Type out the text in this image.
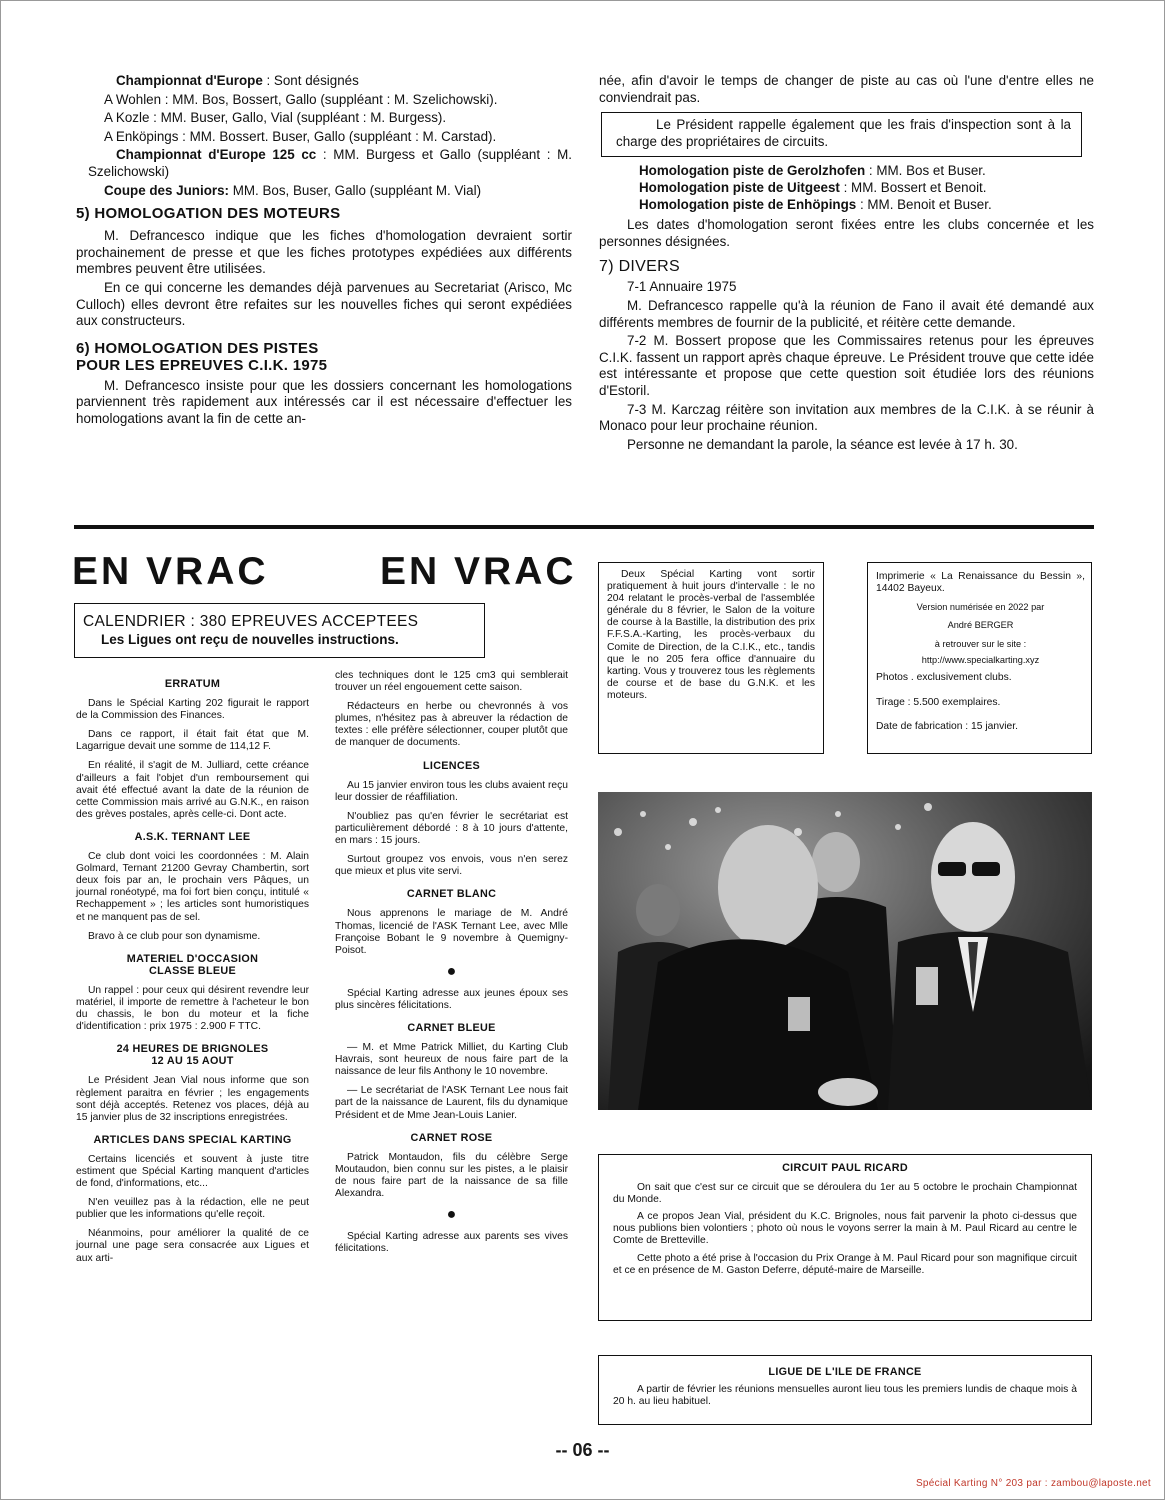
Championnat d'Europe : Sont désignés

A Wohlen : MM. Bos, Bossert, Gallo (suppléant : M. Szelichowski).

A Kozle : MM. Buser, Gallo, Vial (suppléant : M. Burgess).

A Enköpings : MM. Bossert. Buser, Gallo (suppléant : M. Carstad).

Championnat d'Europe 125 cc : MM. Burgess et Gallo (suppléant : M. Szelichowski)

Coupe des Juniors: MM. Bos, Buser, Gallo (suppléant M. Vial)

5) HOMOLOGATION DES MOTEURS

M. Defrancesco indique que les fiches d'homologation devraient sortir prochainement de presse et que les fiches prototypes expédiées aux différents membres peuvent être utilisées.

En ce qui concerne les demandes déjà parvenues au Secretariat (Arisco, Mc Culloch) elles devront être refaites sur les nouvelles fiches qui seront expédiées aux constructeurs.

6) HOMOLOGATION DES PISTES
POUR LES EPREUVES C.I.K. 1975

M. Defrancesco insiste pour que les dossiers concernant les homologations parviennent très rapidement aux intéressés car il est nécessaire d'effectuer les homologations avant la fin de cette an-

née, afin d'avoir le temps de changer de piste au cas où l'une d'entre elles ne conviendrait pas.

Le Président rappelle également que les frais d'inspection sont à la charge des propriétaires de circuits.

Homologation piste de Gerolzhofen : MM. Bos et Buser.
Homologation piste de Uitgeest : MM. Bossert et Benoit.
Homologation piste de Enhöpings : MM. Benoit et Buser.

Les dates d'homologation seront fixées entre les clubs concernée et les personnes désignées.

7) DIVERS

7-1 Annuaire 1975

M. Defrancesco rappelle qu'à la réunion de Fano il avait été demandé aux différents membres de fournir de la publicité, et réitère cette demande.

7-2 M. Bossert propose que les Commissaires retenus pour les épreuves C.I.K. fassent un rapport après chaque épreuve. Le Président trouve que cette idée est intéressante et propose que cette question soit étudiée lors des réunions d'Estoril.

7-3 M. Karczag réitère son invitation aux membres de la C.I.K. à se réunir à Monaco pour leur prochaine réunion.

Personne ne demandant la parole, la séance est levée à 17 h. 30.

EN VRAC	EN VRAC
CALENDRIER : 380 EPREUVES ACCEPTEES
Les Ligues ont reçu de nouvelles instructions.
ERRATUM

Dans le Spécial Karting 202 figurait le rapport de la Commission des Finances.

Dans ce rapport, il était fait état que M. Lagarrigue devait une somme de 114,12 F.

En réalité, il s'agit de M. Julliard, cette créance d'ailleurs a fait l'objet d'un remboursement qui avait été effectué avant la date de la réunion de cette Commission mais arrivé au G.N.K., en raison des grèves postales, après celle-ci. Dont acte.

A.S.K. TERNANT LEE

Ce club dont voici les coordonnées : M. Alain Golmard, Ternant 21200 Gevray Chambertin, sort deux fois par an, le prochain vers Pâques, un journal ronéotypé, ma foi fort bien conçu, intitulé « Rechappement » ; les articles sont humoristiques et ne manquent pas de sel.

Bravo à ce club pour son dynamisme.

MATERIEL D'OCCASION
CLASSE BLEUE

Un rappel : pour ceux qui désirent revendre leur matériel, il importe de remettre à l'acheteur le bon du chassis, le bon du moteur et la fiche d'identification : prix 1975 : 2.900 F TTC.

24 HEURES DE BRIGNOLES
12 AU 15 AOUT

Le Président Jean Vial nous informe que son règlement paraitra en février ; les engagements sont déjà acceptés. Retenez vos places, déjà au 15 janvier plus de 32 inscriptions enregistrées.

ARTICLES DANS SPECIAL KARTING

Certains licenciés et souvent à juste titre estiment que Spécial Karting manquent d'articles de fond, d'informations, etc...

N'en veuillez pas à la rédaction, elle ne peut publier que les informations qu'elle reçoit.

Néanmoins, pour améliorer la qualité de ce journal une page sera consacrée aux Ligues et aux arti-

cles techniques dont le 125 cm3 qui semblerait trouver un réel engouement cette saison.

Rédacteurs en herbe ou chevronnés à vos plumes, n'hésitez pas à abreuver la rédaction de textes : elle préfère sélectionner, couper plutôt que de manquer de documents.

LICENCES

Au 15 janvier environ tous les clubs avaient reçu leur dossier de réaffiliation.

N'oubliez pas qu'en février le secrétariat est particulièrement débordé : 8 à 10 jours d'attente, en mars : 15 jours.

Surtout groupez vos envois, vous n'en serez que mieux et plus vite servi.

CARNET BLANC

Nous apprenons le mariage de M. André Thomas, licencié de l'ASK Ternant Lee, avec Mlle Françoise Bobant le 9 novembre à Quemigny-Poisot.

●

Spécial Karting adresse aux jeunes époux ses plus sincères félicitations.

CARNET BLEUE

— M. et Mme Patrick Milliet, du Karting Club Havrais, sont heureux de nous faire part de la naissance de leur fils Anthony le 10 novembre.

— Le secrétariat de l'ASK Ternant Lee nous fait part de la naissance de Laurent, fils du dynamique Président et de Mme Jean-Louis Lanier.

CARNET ROSE

Patrick Montaudon, fils du célèbre Serge Moutaudon, bien connu sur les pistes, a le plaisir de nous faire part de la naissance de sa fille Alexandra.

●

Spécial Karting adresse aux parents ses vives félicitations.

Deux Spécial Karting vont sortir pratiquement à huit jours d'intervalle : le no 204 relatant le procès-verbal de l'assemblée générale du 8 février, le Salon de la voiture de course à la Bastille, la distribution des prix F.F.S.A.-Karting, les procès-verbaux du Comite de Direction, de la C.I.K., etc., tandis que le no 205 fera office d'annuaire du karting. Vous y trouverez tous les règlements de course et de base du G.N.K. et les moteurs.

Imprimerie « La Renaissance du Bessin », 14402 Bayeux.
Version numérisée en 2022 par
André BERGER
à retrouver sur le site :
http://www.specialkarting.xyz
Photos . exclusivement clubs.
Tirage : 5.500 exemplaires.
Date de fabrication : 15 janvier.
CIRCUIT PAUL RICARD

On sait que c'est sur ce circuit que se déroulera du 1er au 5 octobre le prochain Championnat du Monde.

A ce propos Jean Vial, président du K.C. Brignoles, nous fait parvenir la photo ci-dessus que nous publions bien volontiers ; photo où nous le voyons serrer la main à M. Paul Ricard au centre le Comte de Bretteville.

Cette photo a été prise à l'occasion du Prix Orange à M. Paul Ricard pour son magnifique circuit et ce en présence de M. Gaston Deferre, député-maire de Marseille.

LIGUE DE L'ILE DE FRANCE

A partir de février les réunions mensuelles auront lieu tous les premiers lundis de chaque mois à 20 h. au lieu habituel.

-- 06 --
Spécial Karting N° 203 par : zambou@laposte.net
